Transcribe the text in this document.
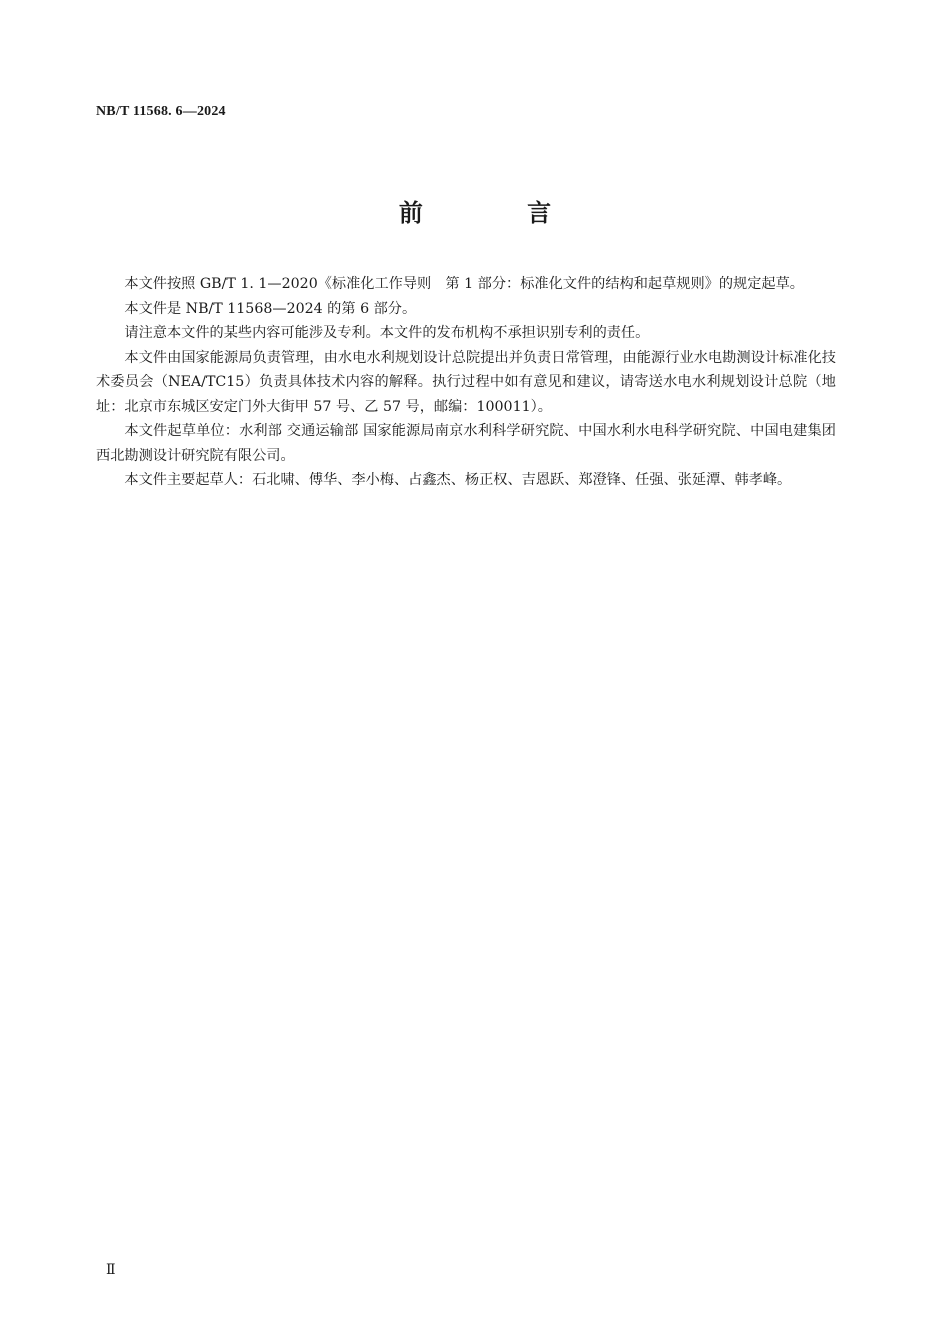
NB/T 11568. 6—2024
前 言

本文件按照 GB/T 1. 1—2020《标准化工作导则　第 1 部分：标准化文件的结构和起草规则》的规定起草。

本文件是 NB/T 11568—2024 的第 6 部分。

请注意本文件的某些内容可能涉及专利。本文件的发布机构不承担识别专利的责任。

本文件由国家能源局负责管理，由水电水利规划设计总院提出并负责日常管理，由能源行业水电勘测设计标准化技术委员会（NEA/TC15）负责具体技术内容的解释。执行过程中如有意见和建议，请寄送水电水利规划设计总院（地址：北京市东城区安定门外大街甲 57 号、乙 57 号，邮编：100011）。

本文件起草单位：水利部 交通运输部 国家能源局南京水利科学研究院、中国水利水电科学研究院、中国电建集团西北勘测设计研究院有限公司。

本文件主要起草人：石北啸、傅华、李小梅、占鑫杰、杨正权、吉恩跃、郑澄锋、任强、张延潭、韩孝峰。

Ⅱ
